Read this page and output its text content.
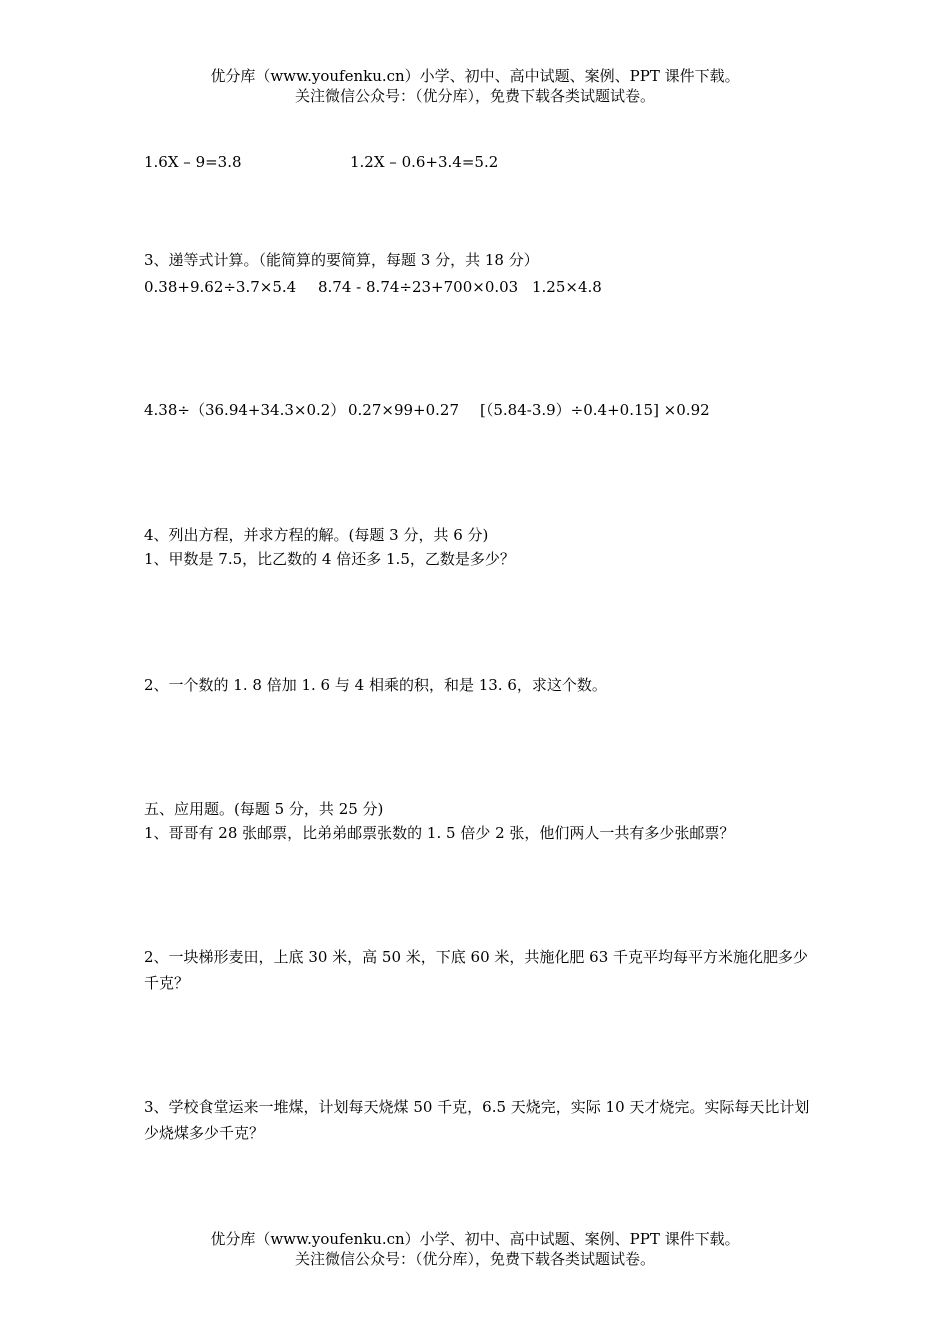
优分库（www.youfenku.cn）小学、初中、高中试题、案例、PPT 课件下载。
关注微信公众号：（优分库），免费下载各类试题试卷。
1.6X – 9=3.8	1.2X – 0.6+3.4=5.2
3、递等式计算。（能简算的要简算，每题 3 分，共 18 分）
0.38+9.62÷3.7×5.4 8.74 - 8.74÷23+700×0.03 1.25×4.8
4.38÷（36.94+34.3×0.2） 0.27×99+0.27 [（5.84-3.9）÷0.4+0.15] ×0.92
4、列出方程，并求方程的解。(每题 3 分，共 6 分)
1、甲数是 7.5，比乙数的 4 倍还多 1.5，乙数是多少？
2、一个数的 1. 8 倍加 1. 6 与 4 相乘的积，和是 13. 6，求这个数。
五、应用题。(每题 5 分，共 25 分)
1、哥哥有 28 张邮票，比弟弟邮票张数的 1. 5 倍少 2 张，他们两人一共有多少张邮票？
2、一块梯形麦田，上底 30 米，高 50 米，下底 60 米，共施化肥 63 千克平均每平方米施化肥多少千克？
3、学校食堂运来一堆煤，计划每天烧煤 50 千克，6.5 天烧完，实际 10 天才烧完。实际每天比计划少烧煤多少千克？
优分库（www.youfenku.cn）小学、初中、高中试题、案例、PPT 课件下载。
关注微信公众号：（优分库），免费下载各类试题试卷。
